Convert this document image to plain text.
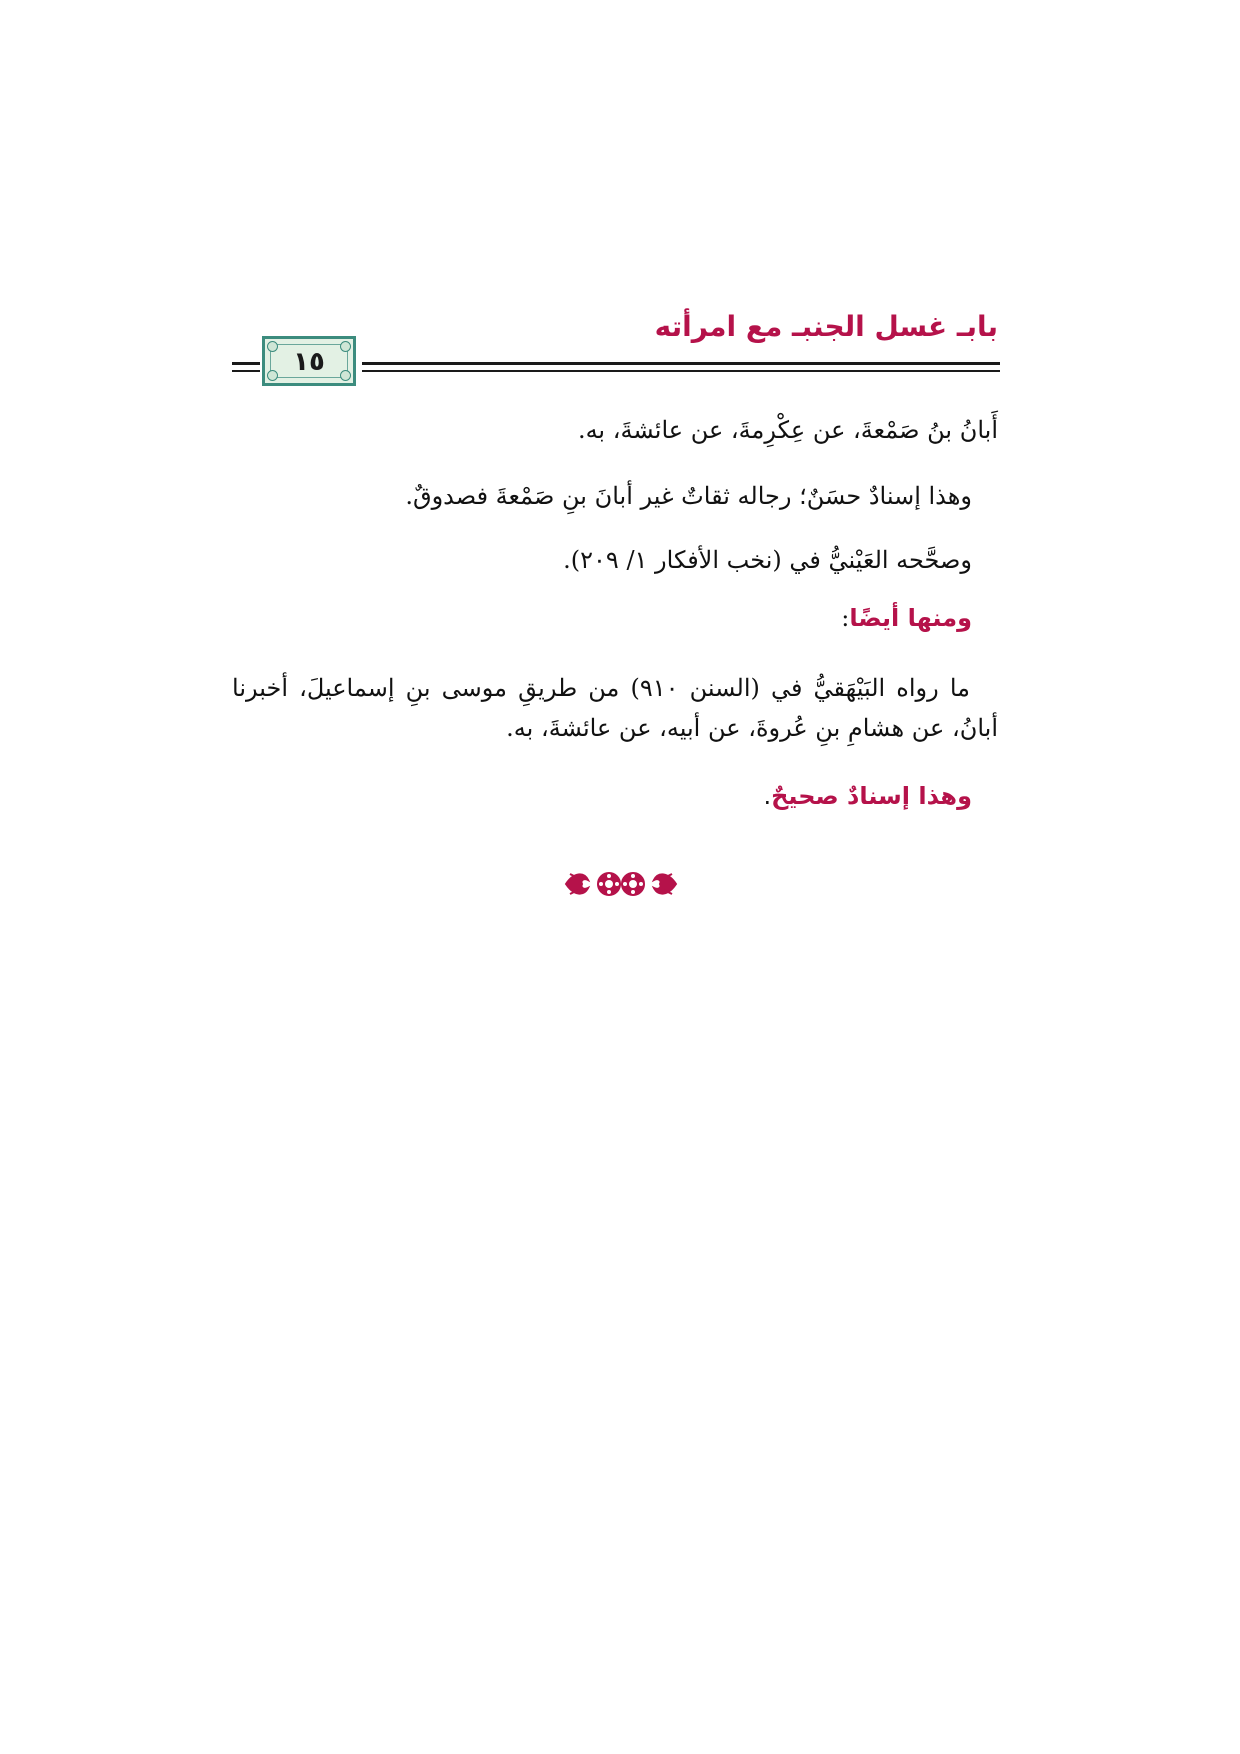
بابـ غسل الجنبـ مع امرأته
١٥
أَبانُ بنُ صَمْعةَ، عن عِكْرِمةَ، عن عائشةَ، به.
وهذا إسنادٌ حسَنٌ؛ رجاله ثقاتٌ غير أبانَ بنِ صَمْعةَ فصدوقٌ.
وصحَّحه العَيْنيُّ في (نخب الأفكار ١/ ٢٠٩).
ومنها أيضًا:
ما رواه البَيْهَقيُّ في (السنن ٩١٠) من طريقِ موسى بنِ إسماعيلَ، أخبرنا أبانُ، عن هشامِ بنِ عُروةَ، عن أبيه، عن عائشةَ، به.
وهذا إسنادٌ صحيحٌ.
